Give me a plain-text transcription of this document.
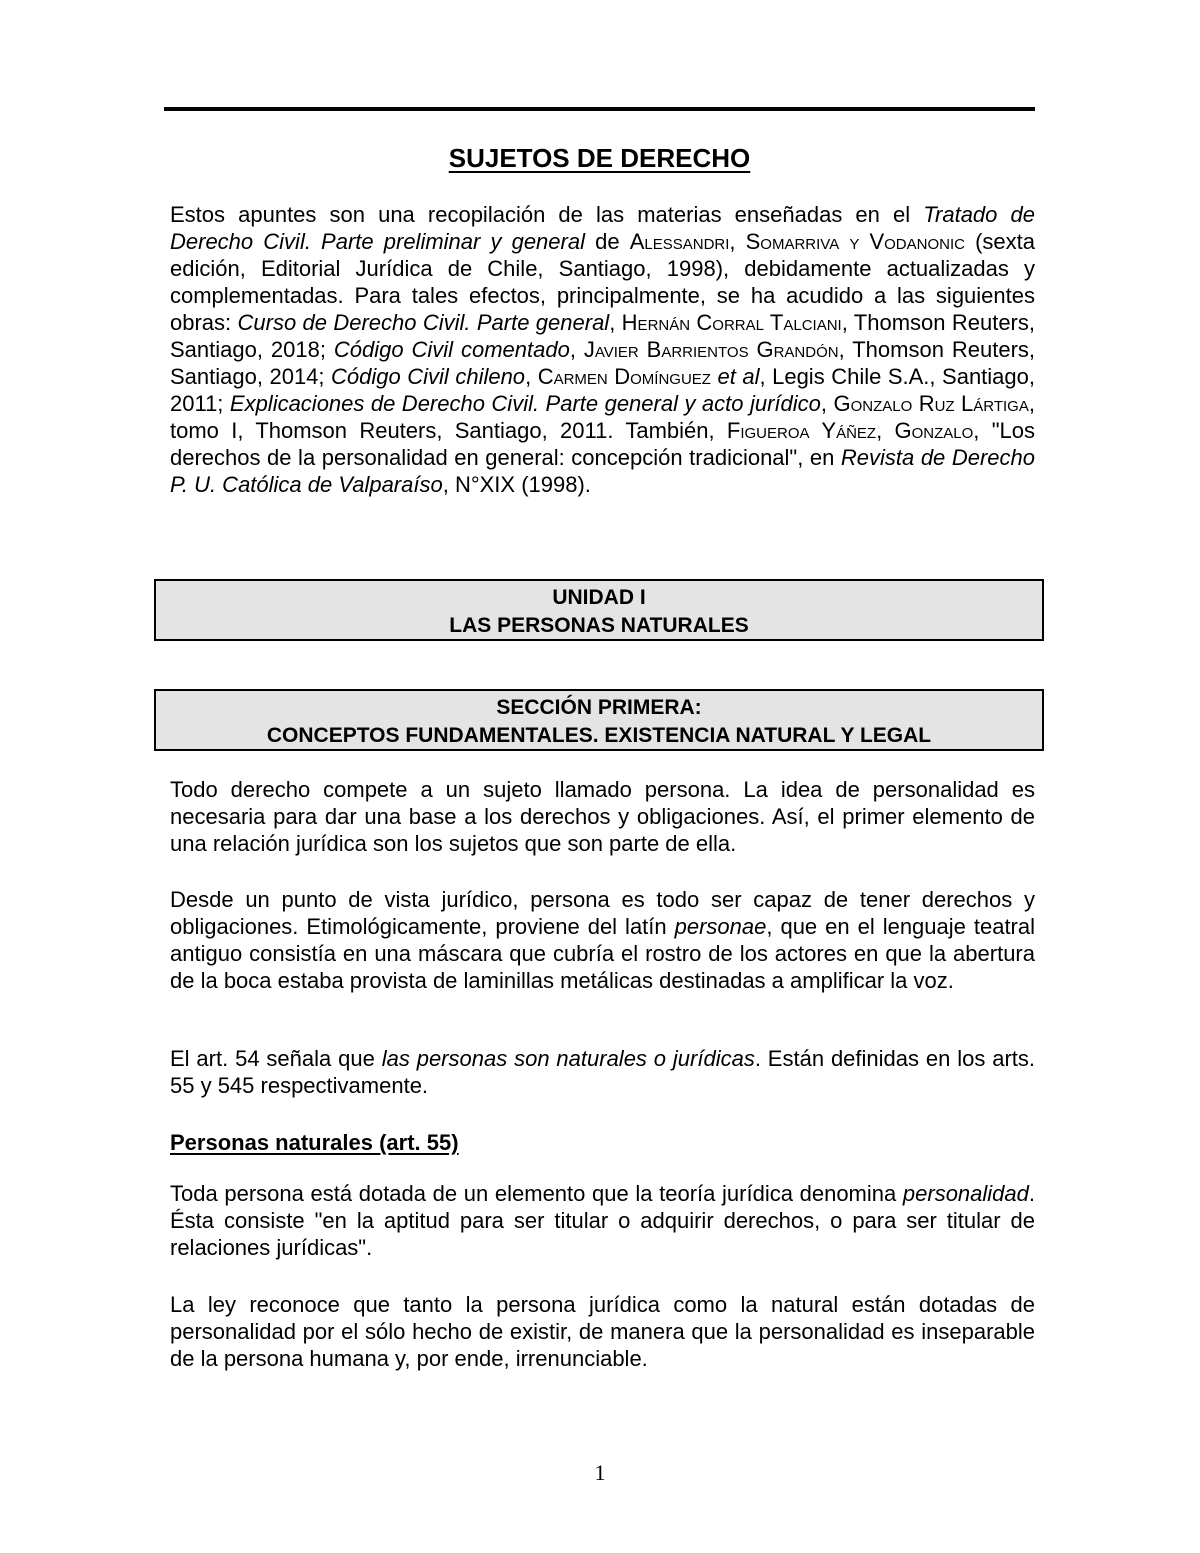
SUJETOS DE DERECHO

Estos apuntes son una recopilación de las materias enseñadas en el Tratado de Derecho Civil. Parte preliminar y general de Alessandri, Somarriva y Vodanonic (sexta edición, Editorial Jurídica de Chile, Santiago, 1998), debidamente actualizadas y complementadas. Para tales efectos, principalmente, se ha acudido a las siguientes obras: Curso de Derecho Civil. Parte general, Hernán Corral Talciani, Thomson Reuters, Santiago, 2018; Código Civil comentado, Javier Barrientos Grandón, Thomson Reuters, Santiago, 2014; Código Civil chileno, Carmen Domínguez et al, Legis Chile S.A., Santiago, 2011; Explicaciones de Derecho Civil. Parte general y acto jurídico, Gonzalo Ruz Lártiga, tomo I, Thomson Reuters, Santiago, 2011. También, Figueroa Yáñez, Gonzalo, "Los derechos de la personalidad en general: concepción tradicional", en Revista de Derecho P. U. Católica de Valparaíso, N°XIX (1998).

UNIDAD I
LAS PERSONAS NATURALES
SECCIÓN PRIMERA:
CONCEPTOS FUNDAMENTALES. EXISTENCIA NATURAL Y LEGAL

Todo derecho compete a un sujeto llamado persona. La idea de personalidad es necesaria para dar una base a los derechos y obligaciones. Así, el primer elemento de una relación jurídica son los sujetos que son parte de ella.

Desde un punto de vista jurídico, persona es todo ser capaz de tener derechos y obligaciones. Etimológicamente, proviene del latín personae, que en el lenguaje teatral antiguo consistía en una máscara que cubría el rostro de los actores en que la abertura de la boca estaba provista de laminillas metálicas destinadas a amplificar la voz.

El art. 54 señala que las personas son naturales o jurídicas. Están definidas en los arts. 55 y 545 respectivamente.

Personas naturales (art. 55)

Toda persona está dotada de un elemento que la teoría jurídica denomina personalidad. Ésta consiste "en la aptitud para ser titular o adquirir derechos, o para ser titular de relaciones jurídicas".

La ley reconoce que tanto la persona jurídica como la natural están dotadas de personalidad por el sólo hecho de existir, de manera que la personalidad es inseparable de la persona humana y, por ende, irrenunciable.

1
